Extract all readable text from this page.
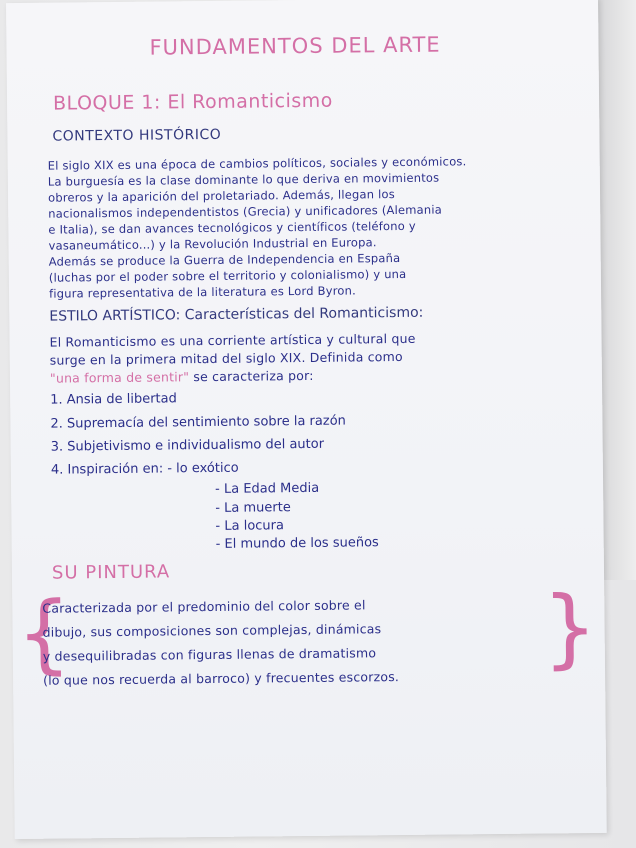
FUNDAMENTOS DEL ARTE
BLOQUE 1: El Romanticismo
CONTEXTO HISTÓRICO
El siglo XIX es una época de cambios políticos, sociales y económicos.
La burguesía es la clase dominante lo que deriva en movimientos
obreros y la aparición del proletariado. Además, llegan los
nacionalismos independentistos (Grecia) y unificadores (Alemania
e Italia), se dan avances tecnológicos y científicos (teléfono y
vasaneumático...) y la Revolución Industrial en Europa.
Además se produce la Guerra de Independencia en España
(luchas por el poder sobre el territorio y colonialismo) y una
figura representativa de la literatura es Lord Byron.
ESTILO ARTÍSTICO: Características del Romanticismo:
El Romanticismo es una corriente artística y cultural que
surge en la primera mitad del siglo XIX. Definida como
"una forma de sentir" se caracteriza por:
1. Ansia de libertad
2. Supremacía del sentimiento sobre la razón
3. Subjetivismo e individualismo del autor
4. Inspiración en: - lo exótico
- La Edad Media
- La muerte
- La locura
- El mundo de los sueños
SU PINTURA
{	}
Caracterizada por el predominio del color sobre el
dibujo, sus composiciones son complejas, dinámicas
y desequilibradas con figuras llenas de dramatismo
(lo que nos recuerda al barroco) y frecuentes escorzos.
